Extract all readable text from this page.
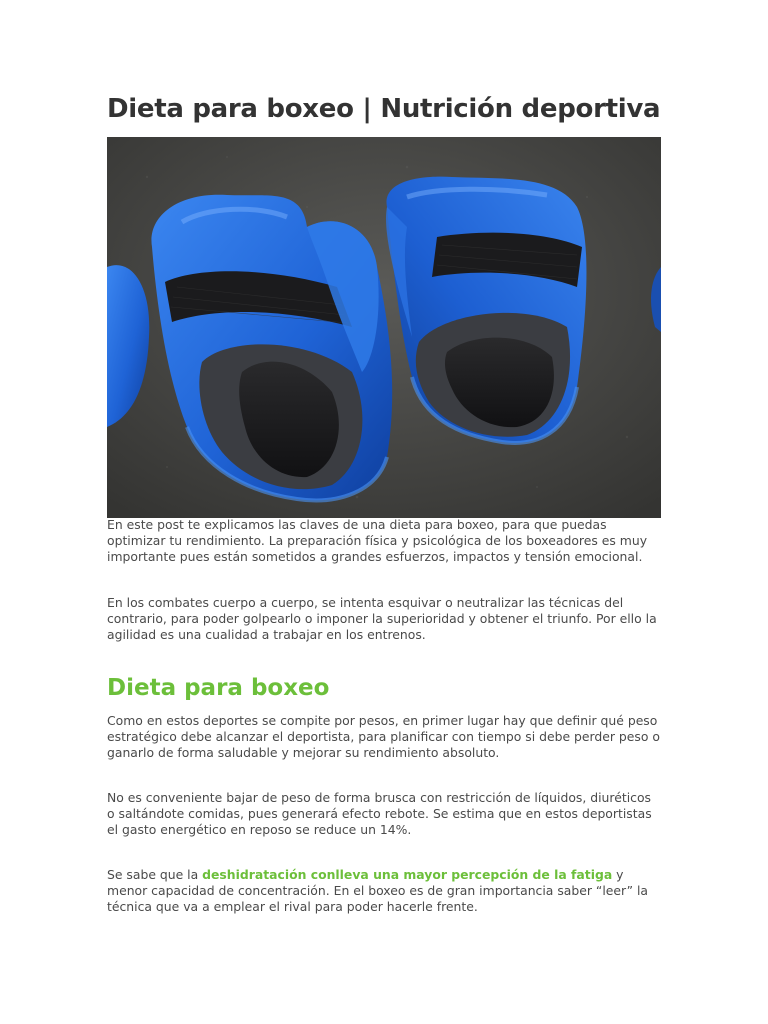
Dieta para boxeo | Nutrición deportiva

En este post te explicamos las claves de una dieta para boxeo, para que puedas optimizar tu rendimiento. La preparación física y psicológica de los boxeadores es muy importante pues están sometidos a grandes esfuerzos, impactos y tensión emocional.

En los combates cuerpo a cuerpo, se intenta esquivar o neutralizar las técnicas del contrario, para poder golpearlo o imponer la superioridad y obtener el triunfo. Por ello la agilidad es una cualidad a trabajar en los entrenos.

Dieta para boxeo

Como en estos deportes se compite por pesos, en primer lugar hay que definir qué peso estratégico debe alcanzar el deportista, para planificar con tiempo si debe perder peso o ganarlo de forma saludable y mejorar su rendimiento absoluto.

No es conveniente bajar de peso de forma brusca con restricción de líquidos, diuréticos o saltándote comidas, pues generará efecto rebote. Se estima que en estos deportistas el gasto energético en reposo se reduce un 14%.

Se sabe que la deshidratación conlleva una mayor percepción de la fatiga y menor capacidad de concentración. En el boxeo es de gran importancia saber “leer” la técnica que va a emplear el rival para poder hacerle frente.
